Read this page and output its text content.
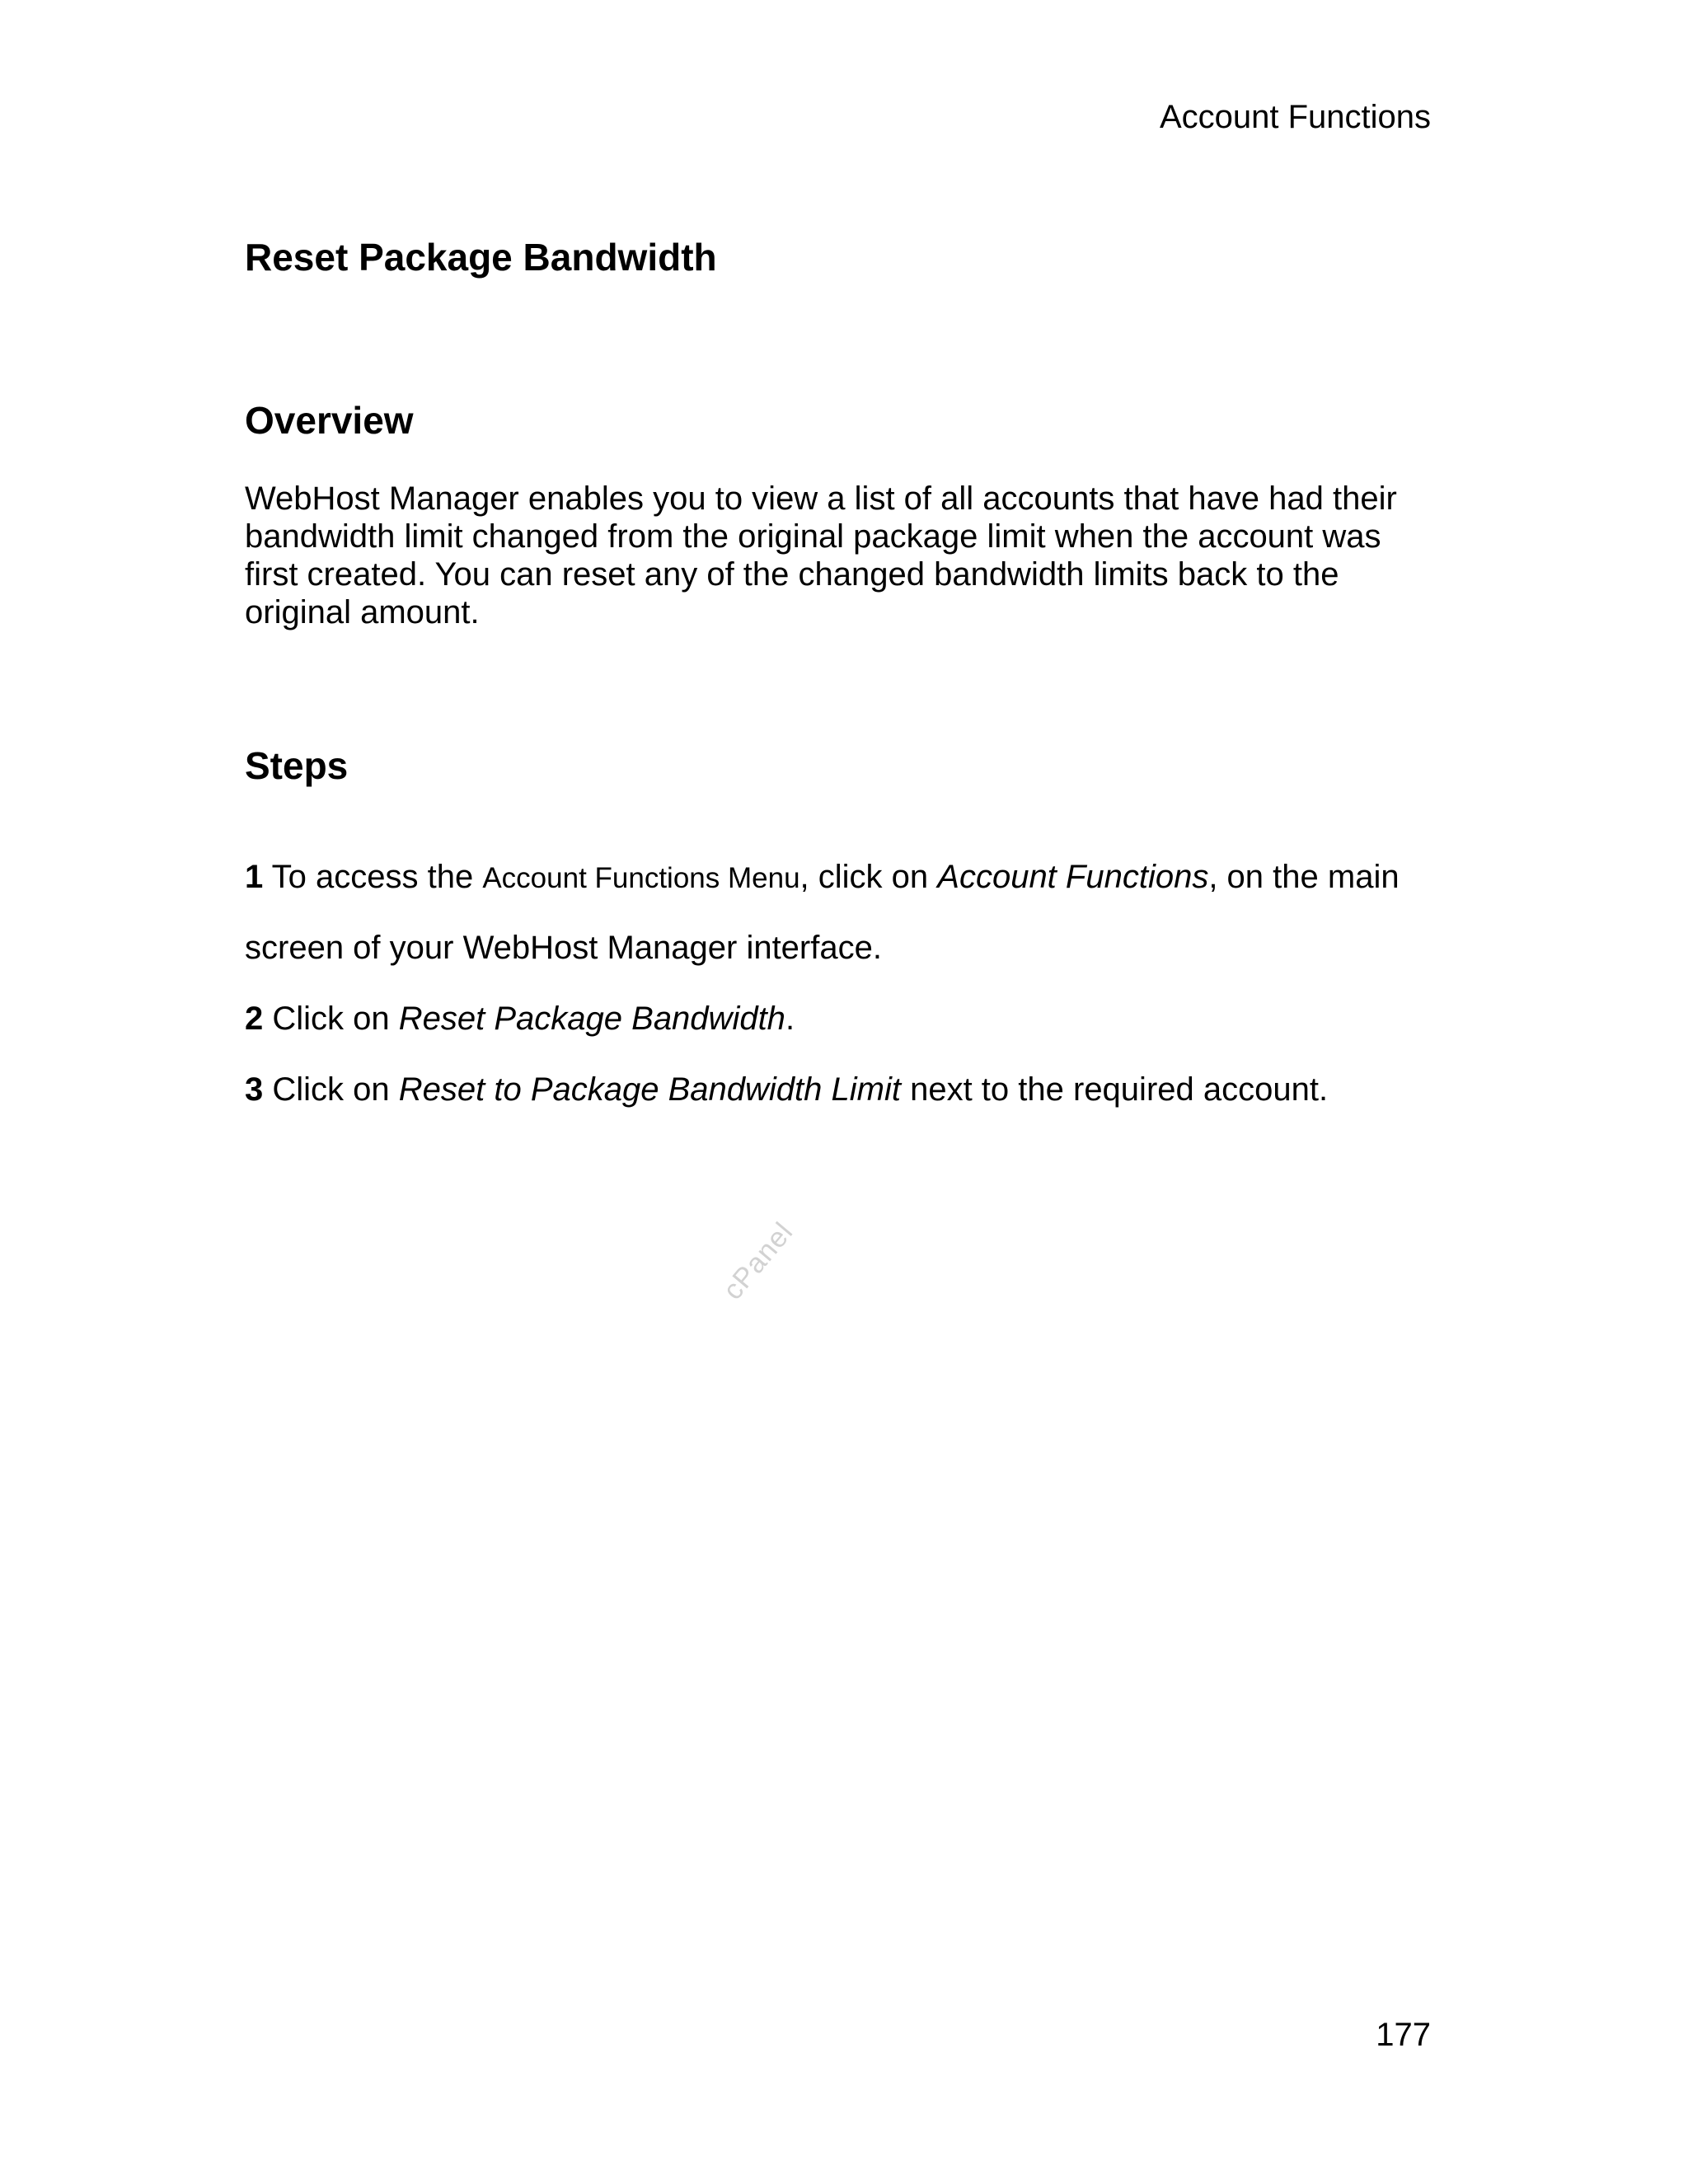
Account Functions
Reset Package Bandwidth
Overview

WebHost Manager enables you to view a list of all accounts that have had their bandwidth limit changed from the original package limit when the account was first created. You can reset any of the changed bandwidth limits back to the original amount.

Steps

1 To access the Account Functions Menu, click on Account Functions, on the main

screen of your WebHost Manager interface.

2 Click on Reset Package Bandwidth.

3 Click on Reset to Package Bandwidth Limit next to the required account.

cPanel
177
